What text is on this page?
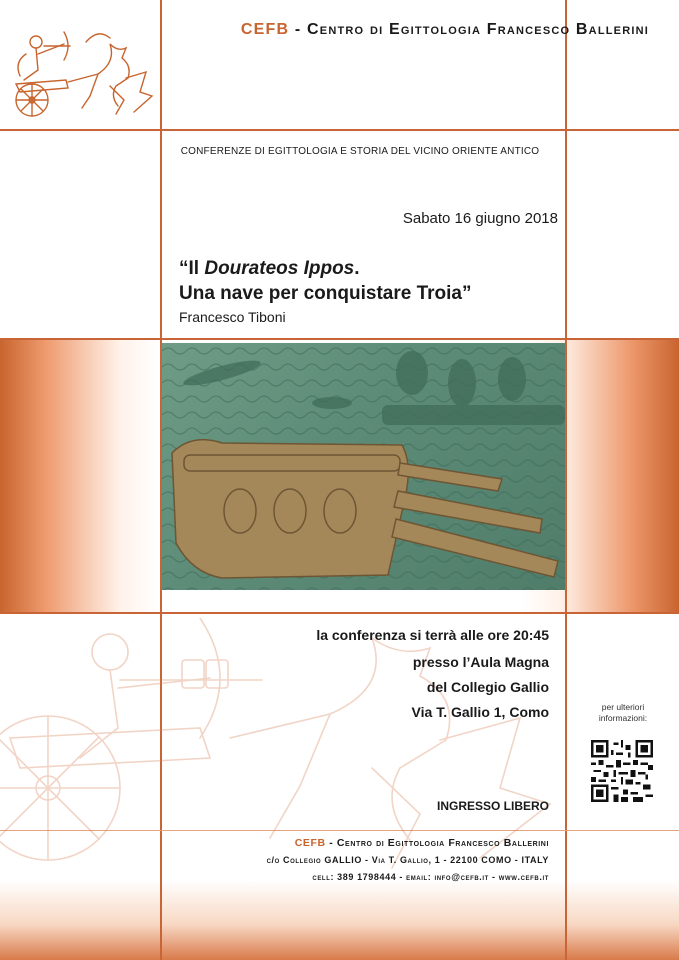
CEFB - Centro di Egittologia Francesco Ballerini
CONFERENZE DI EGITTOLOGIA E STORIA DEL VICINO ORIENTE ANTICO
Sabato 16 giugno 2018
“Il Dourateos Ippos.
Una nave per conquistare Troia”
Francesco Tiboni
la conferenza si terrà alle ore 20:45
presso l’Aula Magna
del Collegio Gallio
Via T. Gallio 1, Como	per ulteriori
informazioni:
INGRESSO LIBERO
CEFB - Centro di Egittologia Francesco Ballerini
c/o Collegio GALLIO - Via T. Gallio, 1 - 22100 COMO - ITALY
cell: 389 1798444 - email: info@cefb.it - www.cefb.it
